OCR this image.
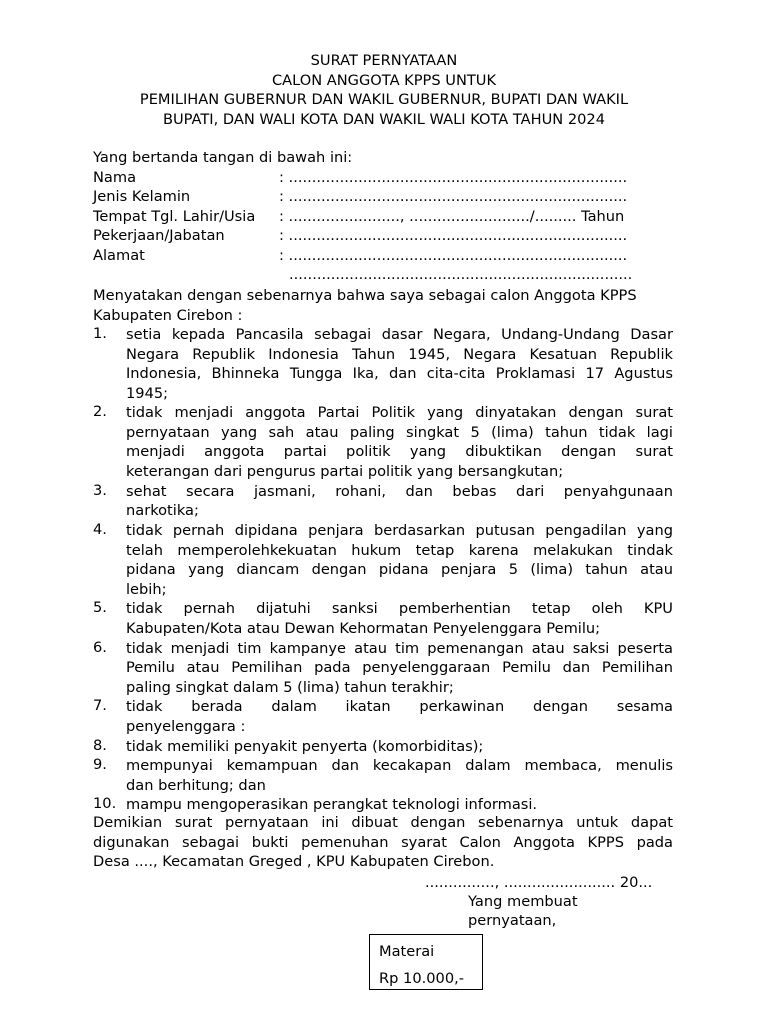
SURAT PERNYATAAN
CALON ANGGOTA KPPS UNTUK
PEMILIHAN GUBERNUR DAN WAKIL GUBERNUR, BUPATI DAN WAKIL
BUPATI, DAN WALI KOTA DAN WAKIL WALI KOTA TAHUN 2024
Yang bertanda tangan di bawah ini:
Nama	: .........................................................................
Jenis Kelamin	: .........................................................................
Tempat Tgl. Lahir/Usia : ........................, ........................../......... Tahun
Pekerjaan/Jabatan	: .........................................................................
Alamat	: .........................................................................
..........................................................................
Menyatakan dengan sebenarnya bahwa saya sebagai calon Anggota KPPS
Kabupaten Cirebon :
1. setia kepada Pancasila sebagai dasar Negara, Undang-Undang Dasar
Negara Republik Indonesia Tahun 1945, Negara Kesatuan Republik
Indonesia, Bhinneka Tungga Ika, dan cita-cita Proklamasi 17 Agustus
1945;
2. tidak menjadi anggota Partai Politik yang dinyatakan dengan surat
pernyataan yang sah atau paling singkat 5 (lima) tahun tidak lagi
menjadi anggota partai politik yang dibuktikan dengan surat
keterangan dari pengurus partai politik yang bersangkutan;
3. sehat secara jasmani, rohani, dan bebas dari penyahgunaan
narkotika;
4. tidak pernah dipidana penjara berdasarkan putusan pengadilan yang
telah memperolehkekuatan hukum tetap karena melakukan tindak
pidana yang diancam dengan pidana penjara 5 (lima) tahun atau
lebih;
5. tidak pernah dijatuhi sanksi pemberhentian tetap oleh KPU
Kabupaten/Kota atau Dewan Kehormatan Penyelenggara Pemilu;
6. tidak menjadi tim kampanye atau tim pemenangan atau saksi peserta
Pemilu atau Pemilihan pada penyelenggaraan Pemilu dan Pemilihan
paling singkat dalam 5 (lima) tahun terakhir;
7. tidak berada dalam ikatan perkawinan dengan sesama
penyelenggara :
8. tidak memiliki penyakit penyerta (komorbiditas);
9. mempunyai kemampuan dan kecakapan dalam membaca, menulis
dan berhitung; dan
10. mampu mengoperasikan perangkat teknologi informasi.
Demikian surat pernyataan ini dibuat dengan sebenarnya untuk dapat
digunakan sebagai bukti pemenuhan syarat Calon Anggota KPPS pada
Desa ...., Kecamatan Greged , KPU Kabupaten Cirebon.
..............., ........................ 20...
Yang membuat
pernyataan,
Materai
Rp 10.000,-
